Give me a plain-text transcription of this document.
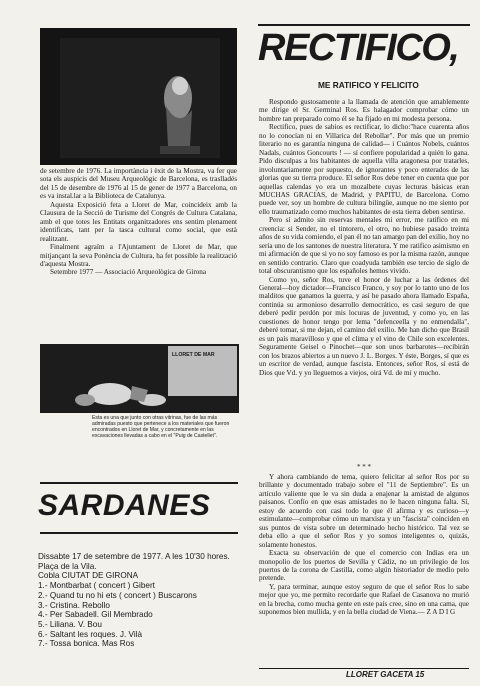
de setembre de 1976. La importància i èxit de la Mostra, va fer que sota els auspicis del Museu Arqueològic de Barcelona, es traslladés del 15 de desembre de 1976 al 15 de gener de 1977 a Barcelona, on es va instal.lar a la Biblioteca de Catalunya.

Aquesta Exposició feta a Lloret de Mar, coincideix amb la Clausura de la Secció de Turisme del Congrés de Cultura Catalana, amb el que totes les Entitats organitzadores ens sentim plenament identificats, tant per la tasca cultural como social, que està realitzant.

Finalment agraïm a l'Ajuntament de Lloret de Mar, que mitjançant la seva Ponència de Cultura, ha fet possible la realització d'aquesta Mostra.

Setembre 1977 — Associació Arqueològica de Girona

LLORET DE MAR
Esta es una que junto con otras vitrinas, fue de las más admiradas puesto que pertenece a los materiales que fueron encontrados en Lloret de Mar, y concretamente en las excavaciones llevadas a cabo en el "Puig de Castellet".
SARDANES
Dissabte 17 de setembre de 1977. A les 10'30 hores.
Plaça de la Vila.
Cobla CIUTAT DE GIRONA
1.- Montbarbat ( concert ) Gibert
2.- Quand tu no hi ets ( concert ) Buscarons
3.- Cristina. Rebollo
4.- Per Sabadell. Gil Membrado
5.- Liliana. V. Bou
6.- Saltant les roques. J. Vilà
7.- Tossa bonica. Mas Ros
RECTIFICO,
ME RATIFICO Y FELICITO

Respondo gustosamente a la llamada de atención que amablemente me dirige el Sr. Germinal Ros. Es halagador comprobar cómo un hombre tan preparado como él se ha fijado en mi modesta persona.

Rectifico, pues de sabios es rectificar, lo dicho:"hace cuarenta años no lo conocían ni en Villarica del Rebollar". Por más que un premio literario no es garantía ninguna de calidad— i Cuántos Nobels, cuántos Nadals, cuántos Goncourts ! — sí confiere popularidad a quién lo gana. Pido disculpas a los habitantes de aquella villa aragonesa por tratarles, involuntariamente por supuesto, de ignorantes y poco enterados de las glorias que su tierra produce. El señor Ros debe tener en cuenta que por aquellas calendas yo era un mozalbete cuyas lecturas básicas eran MUCHAS GRACIAS, de Madrid, y PAPITU, de Barcelona. Como puede ver, soy un hombre de cultura bilingüe, aunque no me siento por ello traumatizado como muchos habitantes de esta tierra deben sentirse.

Pero sí admito sin reservas mentales mi error, me ratifico en mi creencia: si Sender, no el tintorero, el otro, no hubiese pasado treinta años de su vida comiendo, el pan él no tan amargo pan del exilio, hoy no sería uno de los santones de nuestra literatura. Y me ratifico asimismo en mi afirmación de que si yo no soy famoso es por la misma razón, aunque en sentido contrario. Claro que coadyuda también ese tercio de siglo de total obscurantismo que los españoles hemos vivido.

Como yo, señor Ros, tuve el honor de luchar a las órdenes del General—hoy dictador—Francisco Franco, y soy por lo tanto uno de los malditos que ganamos la guerra, y así he pasado ahora llamado España, continúa su armonioso desarrollo democrático, es casi seguro de que deberé pedir perdón por mis locuras de juventud, y como yo, en las cuestiones de honor tengo por lema "defenceella y no enmendalla", deberé tomar, si me dejan, el camino del exilio. Me han dicho que Brasil es un país maravilloso y que el clima y el vino de Chile son excelentes. Seguramente Geisel o Pinochet—que son unos barbarotes—recibirán con los brazos abiertos a un nuevo J. L. Borges. Y éste, Borges, sí que es un escritor de verdad, aunque fascista. Entonces, señor Ros, sí está de Dios que Vd. y yo lleguemos a viejos, oirá Vd. de mí y mucho.

* * *

Y ahora cambiando de tema, quiero felicitar al señor Ros por su brillante y documentado trabajo sobre el "11 de Septiembre". Es un artículo valiente que le va sin duda a enajenar la amistad de algunos paisanos. Confío en que esas amistades no le hacen ninguna falta. Sí, estoy de acuerdo con casi todo lo que él afirma y es curioso—y estimulante—comprobar cómo un marxista y un "fascista" coinciden en sus puntos de vista sobre un determinado hecho histórico. Tal vez se deba ello a que el señor Ros y yo somos inteligentes o, quizás, solamente honestos.

Exacta su observación de que el comercio con Indias era un monopolio de los puertos de Sevilla y Cádiz, no un privilegio de los puertos de la corona de Castilla, como algún historiador de medio pelo pretende.

Y, para terminar, aunque estoy seguro de que el señor Ros lo sabe mejor que yo, me permito recordarle que Rafael de Casanova no murió en la brecha, como mucha gente en este país cree, sino en una cama, que suponemos bien mullida, y en la bella ciudad de Viena.— Z A D I G

LLORET GACETA 15
